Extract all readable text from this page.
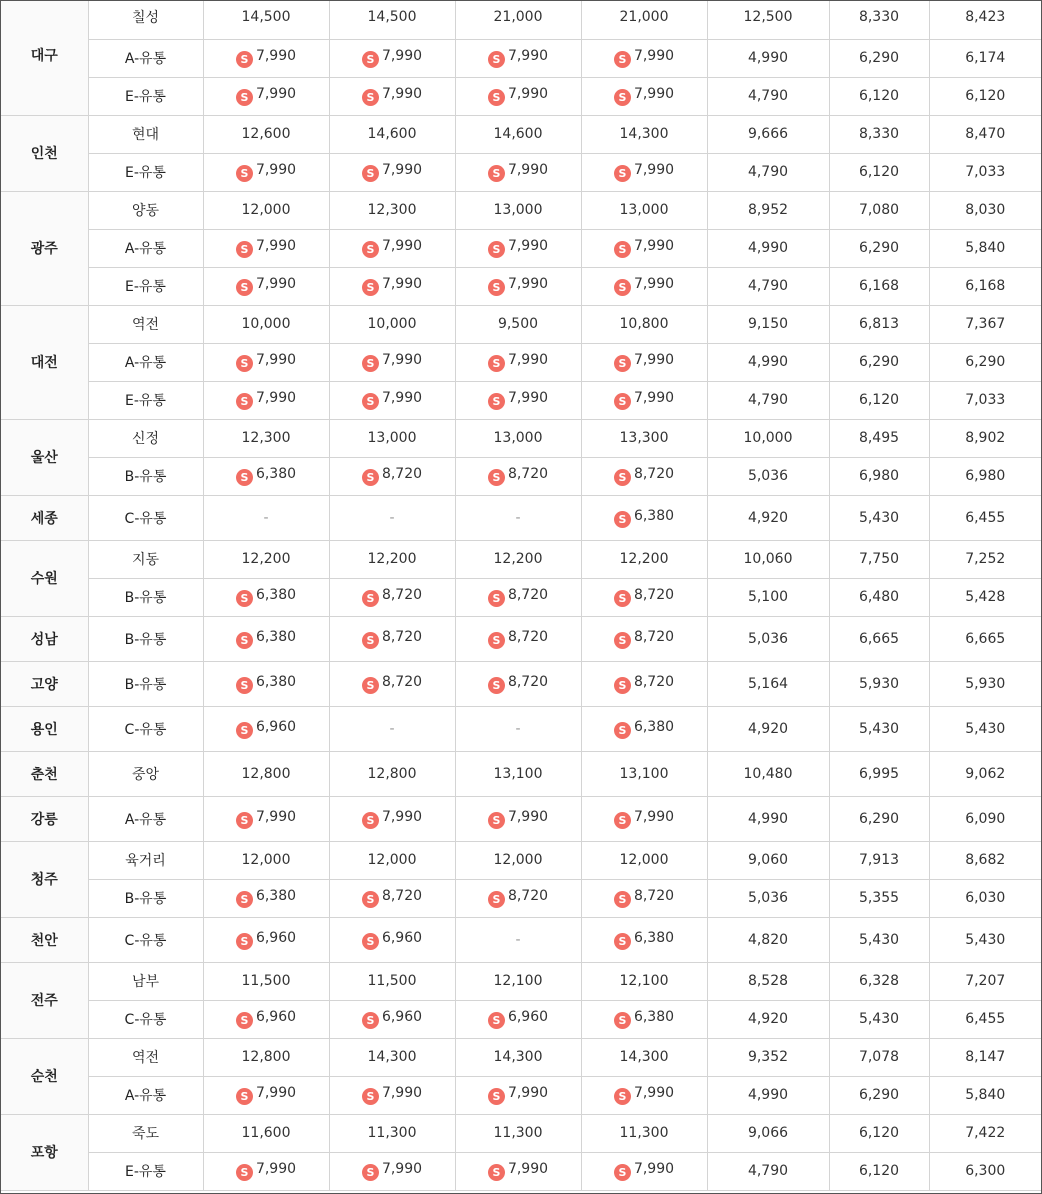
대구	칠성	14,500	14,500	21,000	21,000	12,500	8,330	8,423
	A-유통	S 7,990	S 7,990	S 7,990	S 7,990	4,990	6,290	6,174
	E-유통	S 7,990	S 7,990	S 7,990	S 7,990	4,790	6,120	6,120
인천	현대	12,600	14,600	14,600	14,300	9,666	8,330	8,470
	E-유통	S 7,990	S 7,990	S 7,990	S 7,990	4,790	6,120	7,033
광주	양동	12,000	12,300	13,000	13,000	8,952	7,080	8,030
	A-유통	S 7,990	S 7,990	S 7,990	S 7,990	4,990	6,290	5,840
	E-유통	S 7,990	S 7,990	S 7,990	S 7,990	4,790	6,168	6,168
대전	역전	10,000	10,000	9,500	10,800	9,150	6,813	7,367
	A-유통	S 7,990	S 7,990	S 7,990	S 7,990	4,990	6,290	6,290
	E-유통	S 7,990	S 7,990	S 7,990	S 7,990	4,790	6,120	7,033
울산	신정	12,300	13,000	13,000	13,300	10,000	8,495	8,902
	B-유통	S 6,380	S 8,720	S 8,720	S 8,720	5,036	6,980	6,980
세종	C-유통	-	-	-	S 6,380	4,920	5,430	6,455
수원	지동	12,200	12,200	12,200	12,200	10,060	7,750	7,252
	B-유통	S 6,380	S 8,720	S 8,720	S 8,720	5,100	6,480	5,428
성남	B-유통	S 6,380	S 8,720	S 8,720	S 8,720	5,036	6,665	6,665
고양	B-유통	S 6,380	S 8,720	S 8,720	S 8,720	5,164	5,930	5,930
용인	C-유통	S 6,960	-	-	S 6,380	4,920	5,430	5,430
춘천	중앙	12,800	12,800	13,100	13,100	10,480	6,995	9,062
강릉	A-유통	S 7,990	S 7,990	S 7,990	S 7,990	4,990	6,290	6,090
청주	육거리	12,000	12,000	12,000	12,000	9,060	7,913	8,682
	B-유통	S 6,380	S 8,720	S 8,720	S 8,720	5,036	5,355	6,030
천안	C-유통	S 6,960	S 6,960	-	S 6,380	4,820	5,430	5,430
전주	남부	11,500	11,500	12,100	12,100	8,528	6,328	7,207
	C-유통	S 6,960	S 6,960	S 6,960	S 6,380	4,920	5,430	6,455
순천	역전	12,800	14,300	14,300	14,300	9,352	7,078	8,147
	A-유통	S 7,990	S 7,990	S 7,990	S 7,990	4,990	6,290	5,840
포항	죽도	11,600	11,300	11,300	11,300	9,066	6,120	7,422
	E-유통	S 7,990	S 7,990	S 7,990	S 7,990	4,790	6,120	6,300
